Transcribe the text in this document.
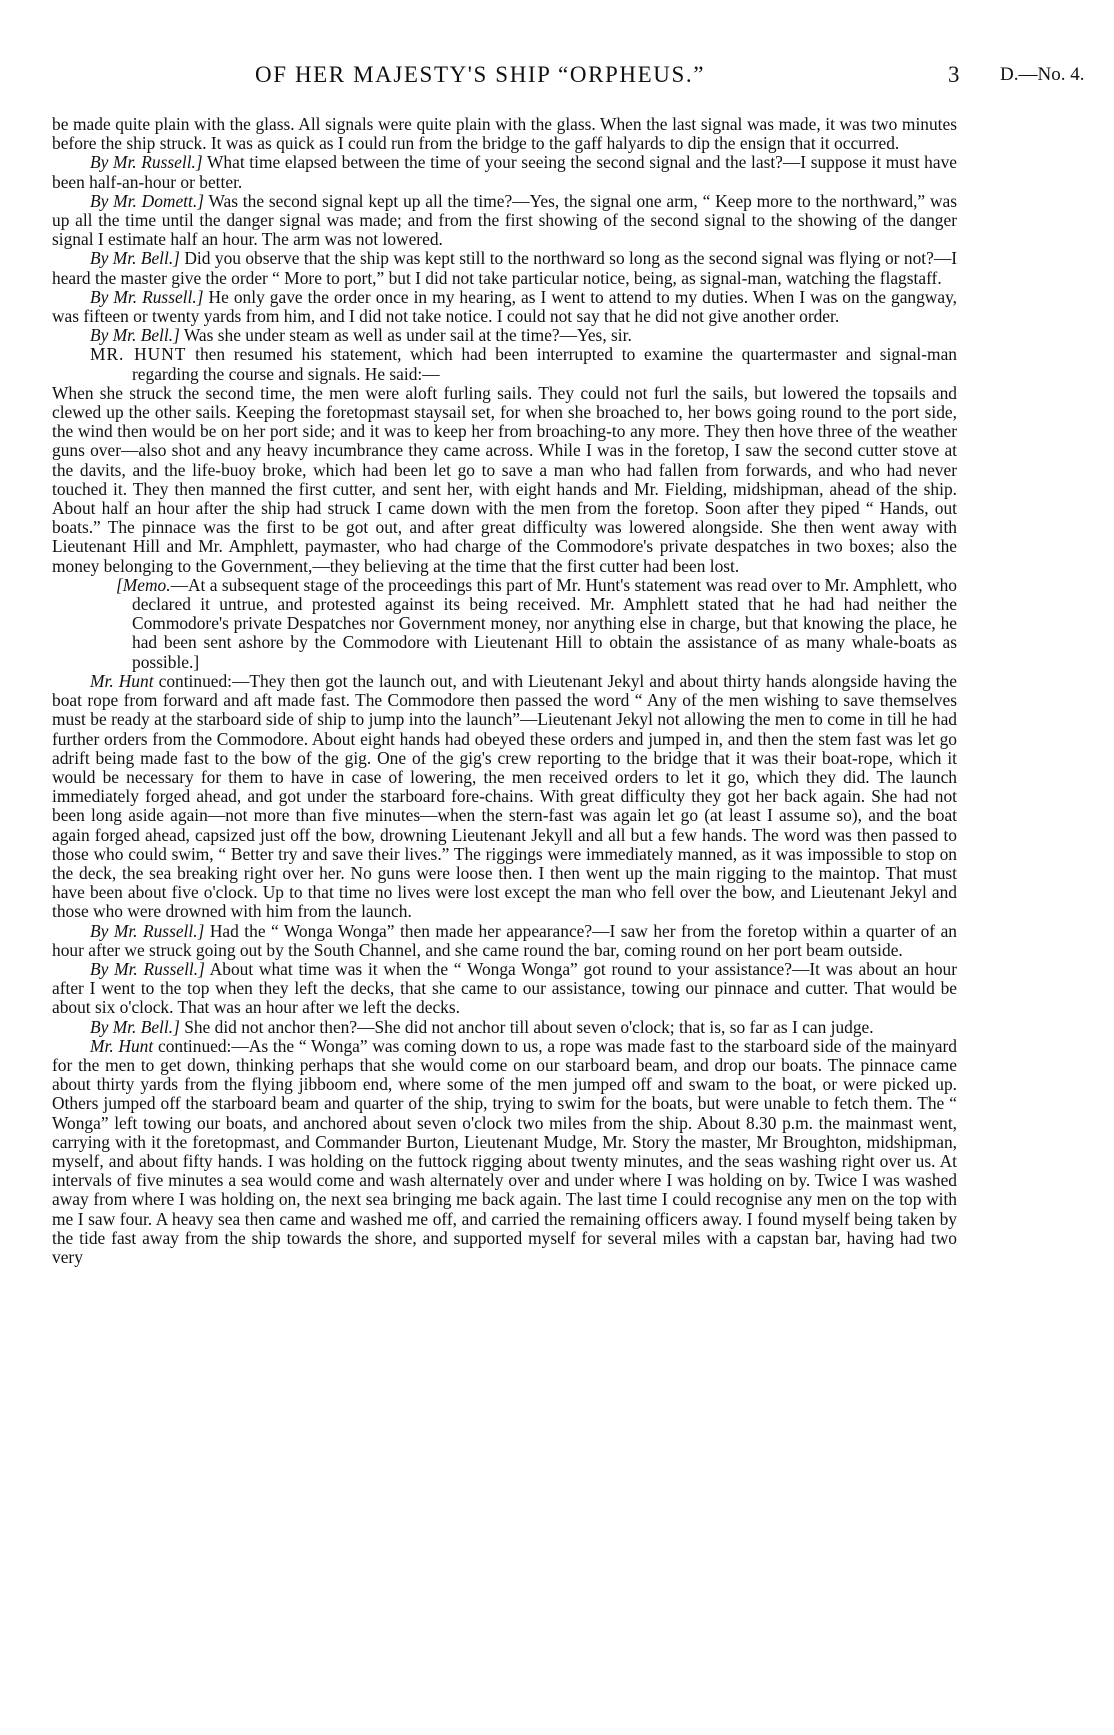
OF HER MAJESTY'S SHIP “ORPHEUS.”	3 D.—No. 4.

be made quite plain with the glass. All signals were quite plain with the glass. When the last signal was made, it was two minutes before the ship struck. It was as quick as I could run from the bridge to the gaff halyards to dip the ensign that it occurred.

By Mr. Russell.] What time elapsed between the time of your seeing the second signal and the last?—I suppose it must have been half-an-hour or better.

By Mr. Domett.] Was the second signal kept up all the time?—Yes, the signal one arm, “ Keep more to the northward,” was up all the time until the danger signal was made; and from the first showing of the second signal to the showing of the danger signal I estimate half an hour. The arm was not lowered.

By Mr. Bell.] Did you observe that the ship was kept still to the northward so long as the second signal was flying or not?—I heard the master give the order “ More to port,” but I did not take particular notice, being, as signal-man, watching the flagstaff.

By Mr. Russell.] He only gave the order once in my hearing, as I went to attend to my duties. When I was on the gangway, was fifteen or twenty yards from him, and I did not take notice. I could not say that he did not give another order.

By Mr. Bell.] Was she under steam as well as under sail at the time?—Yes, sir.

MR. HUNT then resumed his statement, which had been interrupted to examine the quartermaster and signal-man regarding the course and signals. He said:—

When she struck the second time, the men were aloft furling sails. They could not furl the sails, but lowered the topsails and clewed up the other sails. Keeping the foretopmast staysail set, for when she broached to, her bows going round to the port side, the wind then would be on her port side; and it was to keep her from broaching-to any more. They then hove three of the weather guns over—also shot and any heavy incumbrance they came across. While I was in the foretop, I saw the second cutter stove at the davits, and the life-buoy broke, which had been let go to save a man who had fallen from forwards, and who had never touched it. They then manned the first cutter, and sent her, with eight hands and Mr. Fielding, midshipman, ahead of the ship. About half an hour after the ship had struck I came down with the men from the foretop. Soon after they piped “ Hands, out boats.” The pinnace was the first to be got out, and after great difficulty was lowered alongside. She then went away with Lieutenant Hill and Mr. Amphlett, paymaster, who had charge of the Commodore's private despatches in two boxes; also the money belonging to the Government,—they believing at the time that the first cutter had been lost.

[Memo.—At a subsequent stage of the proceedings this part of Mr. Hunt's statement was read over to Mr. Amphlett, who declared it untrue, and protested against its being received. Mr. Amphlett stated that he had had neither the Commodore's private Despatches nor Government money, nor anything else in charge, but that knowing the place, he had been sent ashore by the Commodore with Lieutenant Hill to obtain the assistance of as many whale-boats as possible.]

Mr. Hunt continued:—They then got the launch out, and with Lieutenant Jekyl and about thirty hands alongside having the boat rope from forward and aft made fast. The Commodore then passed the word “ Any of the men wishing to save themselves must be ready at the starboard side of ship to jump into the launch”—Lieutenant Jekyl not allowing the men to come in till he had further orders from the Commodore. About eight hands had obeyed these orders and jumped in, and then the stem fast was let go adrift being made fast to the bow of the gig. One of the gig's crew reporting to the bridge that it was their boat-rope, which it would be necessary for them to have in case of lowering, the men received orders to let it go, which they did. The launch immediately forged ahead, and got under the starboard fore-chains. With great difficulty they got her back again. She had not been long aside again—not more than five minutes—when the stern-fast was again let go (at least I assume so), and the boat again forged ahead, capsized just off the bow, drowning Lieutenant Jekyll and all but a few hands. The word was then passed to those who could swim, “ Better try and save their lives.” The riggings were immediately manned, as it was impossible to stop on the deck, the sea breaking right over her. No guns were loose then. I then went up the main rigging to the maintop. That must have been about five o'clock. Up to that time no lives were lost except the man who fell over the bow, and Lieutenant Jekyl and those who were drowned with him from the launch.

By Mr. Russell.] Had the “ Wonga Wonga” then made her appearance?—I saw her from the foretop within a quarter of an hour after we struck going out by the South Channel, and she came round the bar, coming round on her port beam outside.

By Mr. Russell.] About what time was it when the “ Wonga Wonga” got round to your assistance?—It was about an hour after I went to the top when they left the decks, that she came to our assistance, towing our pinnace and cutter. That would be about six o'clock. That was an hour after we left the decks.

By Mr. Bell.] She did not anchor then?—She did not anchor till about seven o'clock; that is, so far as I can judge.

Mr. Hunt continued:—As the “ Wonga” was coming down to us, a rope was made fast to the starboard side of the mainyard for the men to get down, thinking perhaps that she would come on our starboard beam, and drop our boats. The pinnace came about thirty yards from the flying jibboom end, where some of the men jumped off and swam to the boat, or were picked up. Others jumped off the starboard beam and quarter of the ship, trying to swim for the boats, but were unable to fetch them. The “ Wonga” left towing our boats, and anchored about seven o'clock two miles from the ship. About 8.30 p.m. the mainmast went, carrying with it the foretopmast, and Commander Burton, Lieutenant Mudge, Mr. Story the master, Mr Broughton, midshipman, myself, and about fifty hands. I was holding on the futtock rigging about twenty minutes, and the seas washing right over us. At intervals of five minutes a sea would come and wash alternately over and under where I was holding on by. Twice I was washed away from where I was holding on, the next sea bringing me back again. The last time I could recognise any men on the top with me I saw four. A heavy sea then came and washed me off, and carried the remaining officers away. I found myself being taken by the tide fast away from the ship towards the shore, and supported myself for several miles with a capstan bar, having had two very
